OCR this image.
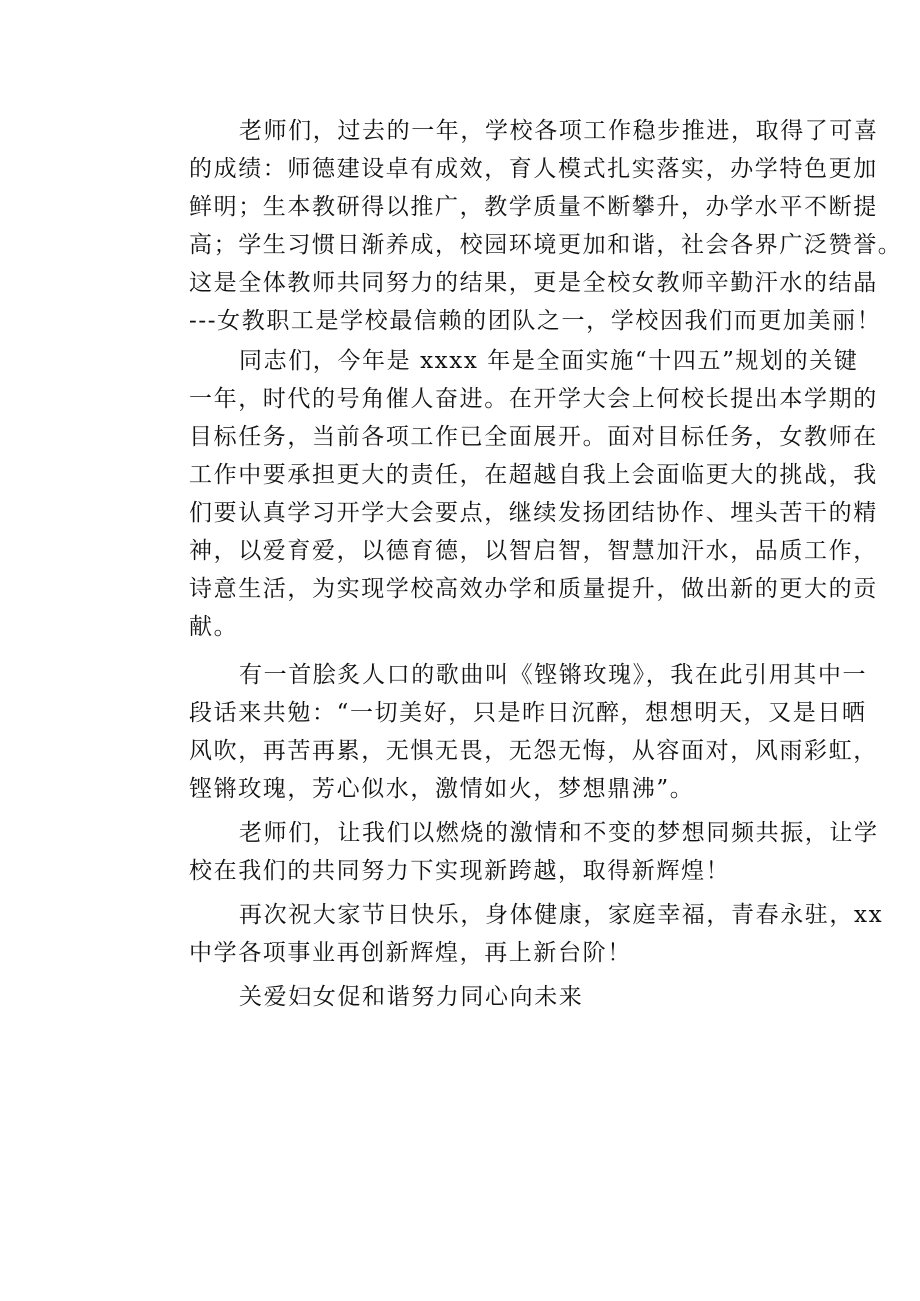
老师们，过去的一年，学校各项工作稳步推进，取得了可喜
的成绩：师德建设卓有成效，育人模式扎实落实，办学特色更加
鲜明；生本教研得以推广，教学质量不断攀升，办学水平不断提
高；学生习惯日渐养成，校园环境更加和谐，社会各界广泛赞誉。
这是全体教师共同努力的结果，更是全校女教师辛勤汗水的结晶
---女教职工是学校最信赖的团队之一，学校因我们而更加美丽！

同志们，今年是 xxxx 年是全面实施“十四五”规划的关键
一年，时代的号角催人奋进。在开学大会上何校长提出本学期的
目标任务，当前各项工作已全面展开。面对目标任务，女教师在
工作中要承担更大的责任，在超越自我上会面临更大的挑战，我
们要认真学习开学大会要点，继续发扬团结协作、埋头苦干的精
神，以爱育爱，以德育德，以智启智，智慧加汗水，品质工作，
诗意生活，为实现学校高效办学和质量提升，做出新的更大的贡
献。

有一首脍炙人口的歌曲叫《铿锵玫瑰》，我在此引用其中一
段话来共勉：“一切美好，只是昨日沉醉，想想明天，又是日晒
风吹，再苦再累，无惧无畏，无怨无悔，从容面对，风雨彩虹，
铿锵玫瑰，芳心似水，激情如火，梦想鼎沸”。

老师们，让我们以燃烧的激情和不变的梦想同频共振，让学
校在我们的共同努力下实现新跨越，取得新辉煌！

再次祝大家节日快乐，身体健康，家庭幸福，青春永驻，xx
中学各项事业再创新辉煌，再上新台阶！

关爱妇女促和谐努力同心向未来
